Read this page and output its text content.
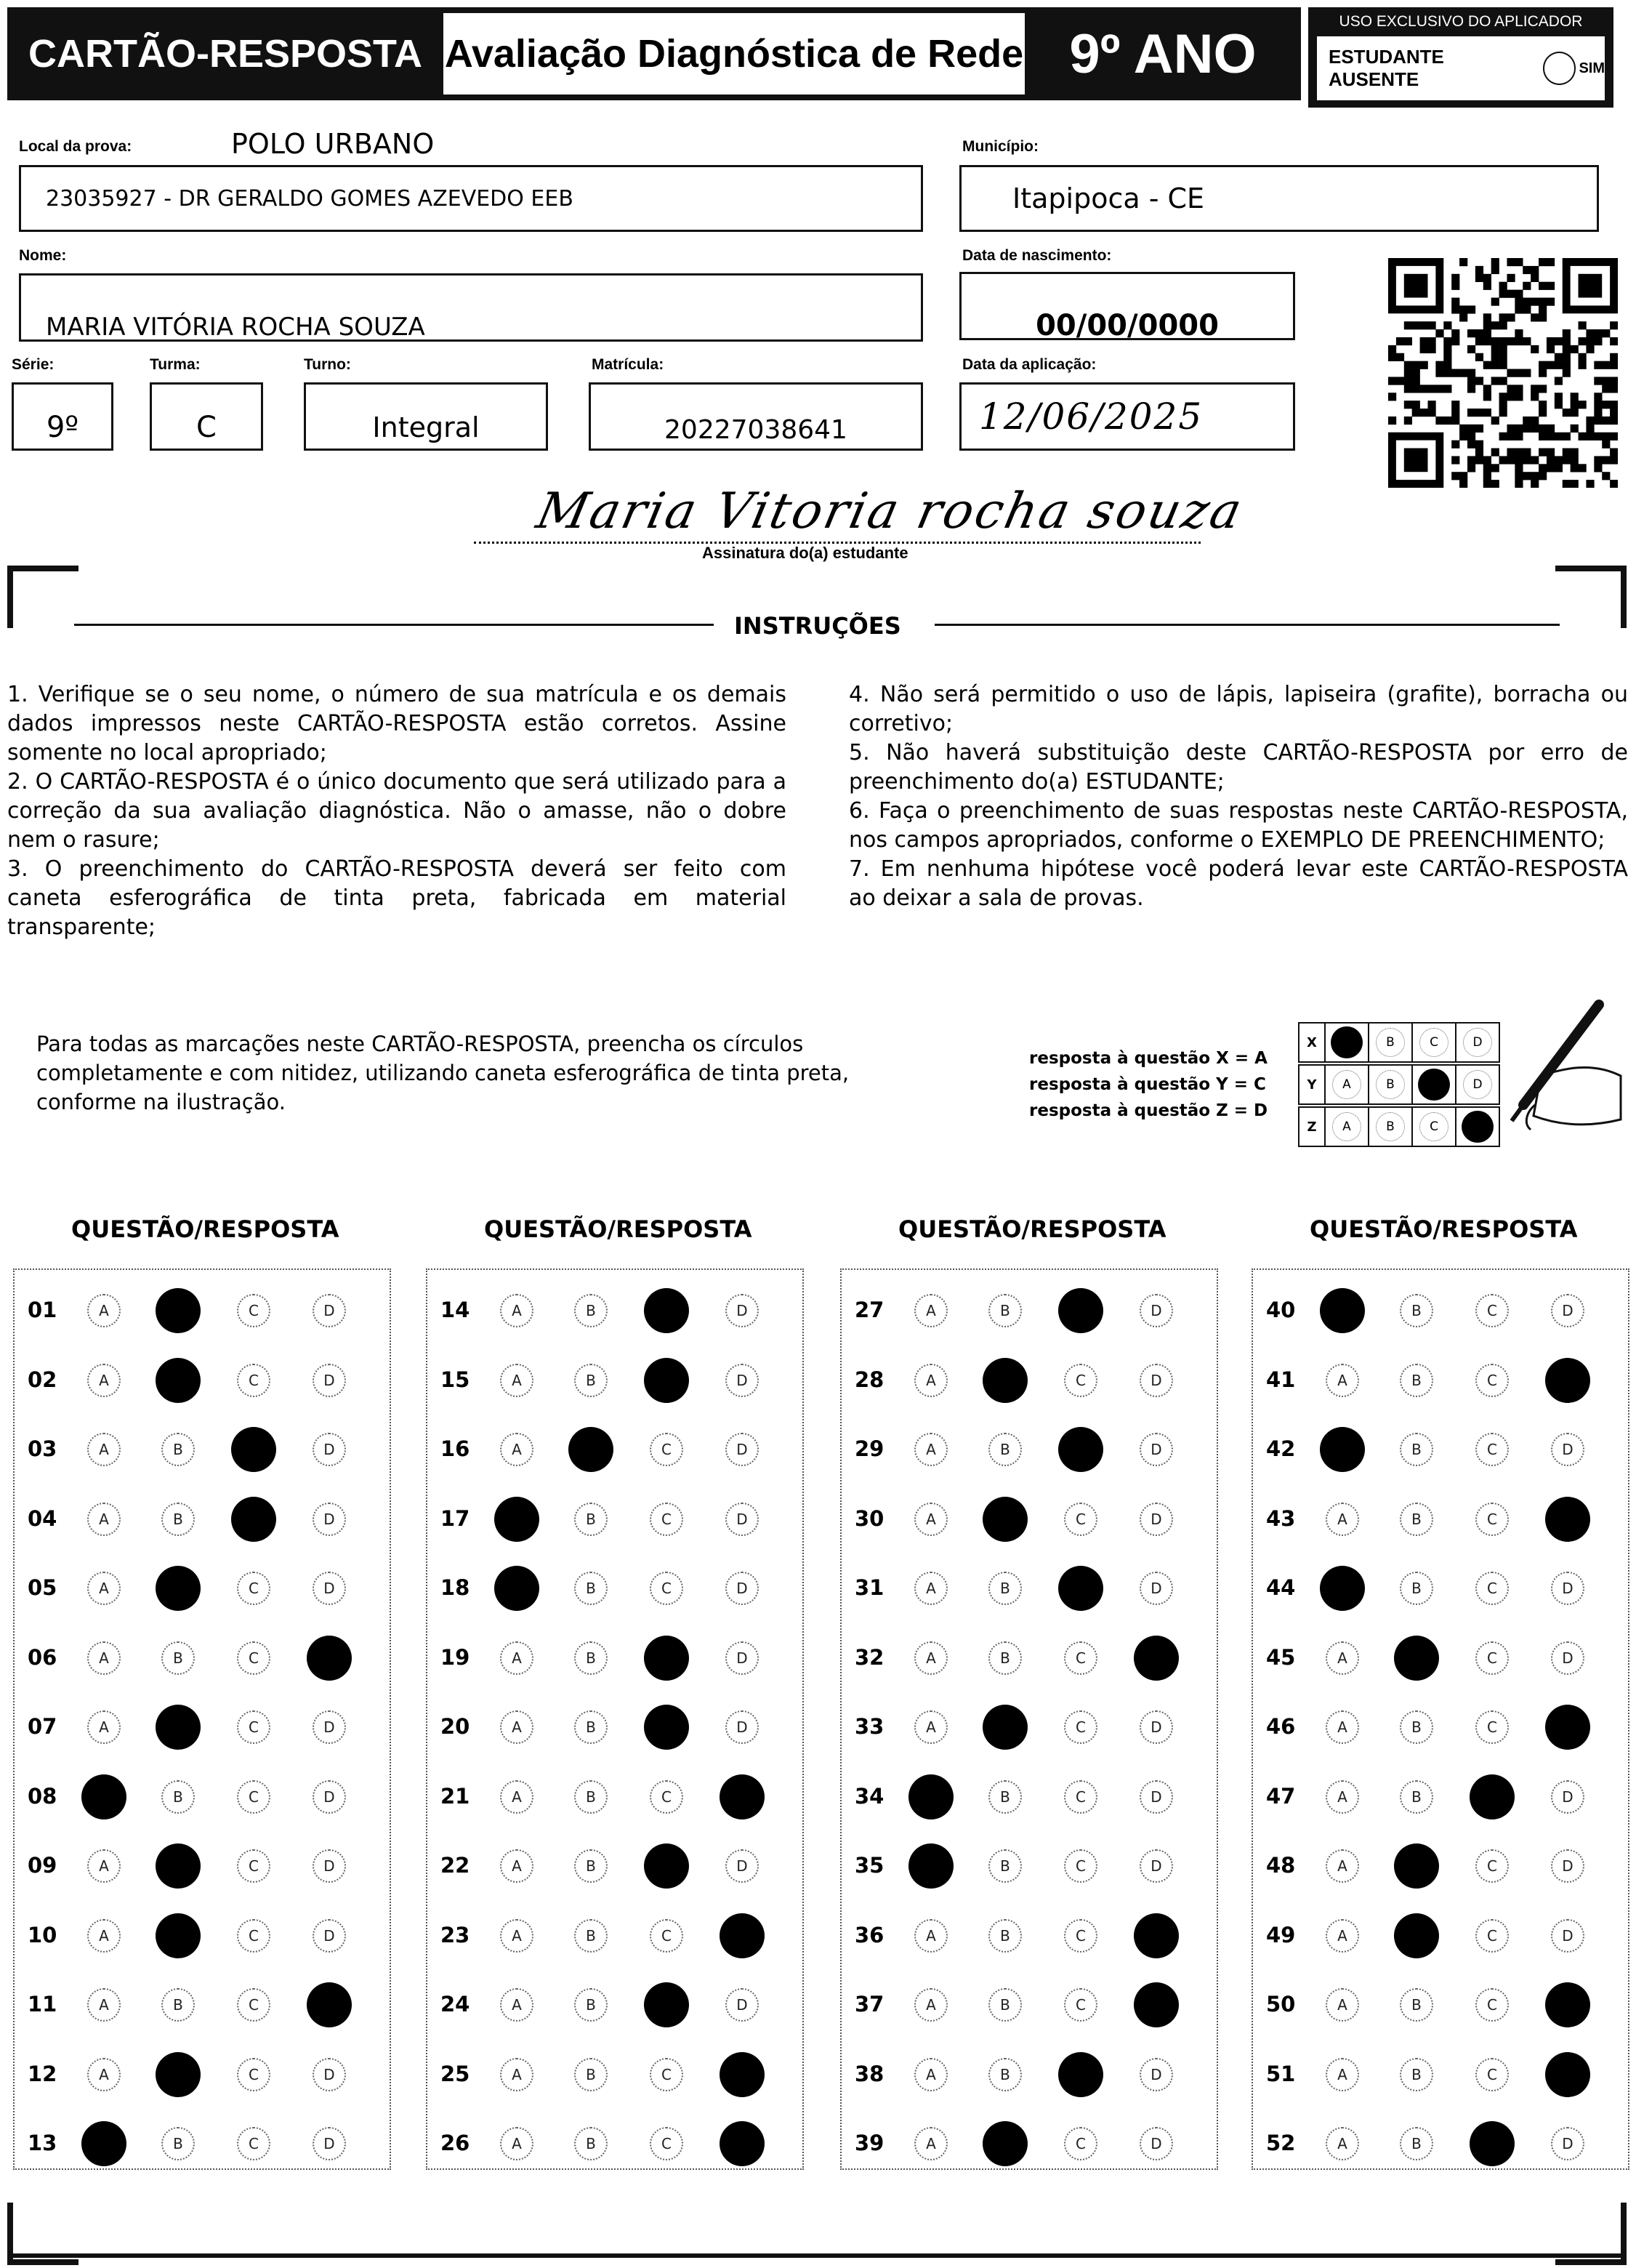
CARTÃO-RESPOSTA Avaliação Diagnóstica de Rede 9º ANO
USO EXCLUSIVO DO APLICADOR
ESTUDANTE AUSENTE
SIM
Local da prova:	POLO URBANO
23035927 - DR GERALDO GOMES AZEVEDO EEB
Município:
Itapipoca - CE
Nome:
MARIA VITÓRIA ROCHA SOUZA
Data de nascimento:
00/00/0000
Série:
9º
Turma:
C
Turno:
Integral
Matrícula:
20227038641
Data da aplicação:
12/06/2025
Maria Vitoria rocha souza
Assinatura do(a) estudante
INSTRUÇÕES

1. Verifique se o seu nome, o número de sua matrícula e os demais dados impressos neste CARTÃO-RESPOSTA estão corretos. Assine somente no local apropriado;

2. O CARTÃO-RESPOSTA é o único documento que será utilizado para a correção da sua avaliação diagnóstica. Não o amasse, não o dobre nem o rasure;

3. O preenchimento do CARTÃO-RESPOSTA deverá ser feito com caneta esferográfica de tinta preta, fabricada em material transparente;

4. Não será permitido o uso de lápis, lapiseira (grafite), borracha ou corretivo;

5. Não haverá substituição deste CARTÃO-RESPOSTA por erro de preenchimento do(a) ESTUDANTE;

6. Faça o preenchimento de suas respostas neste CARTÃO-RESPOSTA, nos campos apropriados, conforme o EXEMPLO DE PREENCHIMENTO;

7. Em nenhuma hipótese você poderá levar este CARTÃO-RESPOSTA ao deixar a sala de provas.

Para todas as marcações neste CARTÃO-RESPOSTA, preencha os círculos completamente e com nitidez, utilizando caneta esferográfica de tinta preta, conforme na ilustração.
resposta à questão X = A
resposta à questão Y = C
resposta à questão Z = D
X	A	B	C	D
Y	A	B	C	D
Z	A	B	C	D
QUESTÃO/RESPOSTA	QUESTÃO/RESPOSTA	QUESTÃO/RESPOSTA	QUESTÃO/RESPOSTA
01	A	B	C	D
02	A	B	C	D
03	A	B	C	D
04	A	B	C	D
05	A	B	C	D
06	A	B	C	D
07	A	B	C	D
08	A	B	C	D
09	A	B	C	D
10	A	B	C	D
11	A	B	C	D
12	A	B	C	D
13	A	B	C	D
14	A	B	C	D
15	A	B	C	D
16	A	B	C	D
17	A	B	C	D
18	A	B	C	D
19	A	B	C	D
20	A	B	C	D
21	A	B	C	D
22	A	B	C	D
23	A	B	C	D
24	A	B	C	D
25	A	B	C	D
26	A	B	C	D
27	A	B	C	D
28	A	B	C	D
29	A	B	C	D
30	A	B	C	D
31	A	B	C	D
32	A	B	C	D
33	A	B	C	D
34	A	B	C	D
35	A	B	C	D
36	A	B	C	D
37	A	B	C	D
38	A	B	C	D
39	A	B	C	D
40	A	B	C	D
41	A	B	C	D
42	A	B	C	D
43	A	B	C	D
44	A	B	C	D
45	A	B	C	D
46	A	B	C	D
47	A	B	C	D
48	A	B	C	D
49	A	B	C	D
50	A	B	C	D
51	A	B	C	D
52	A	B	C	D
